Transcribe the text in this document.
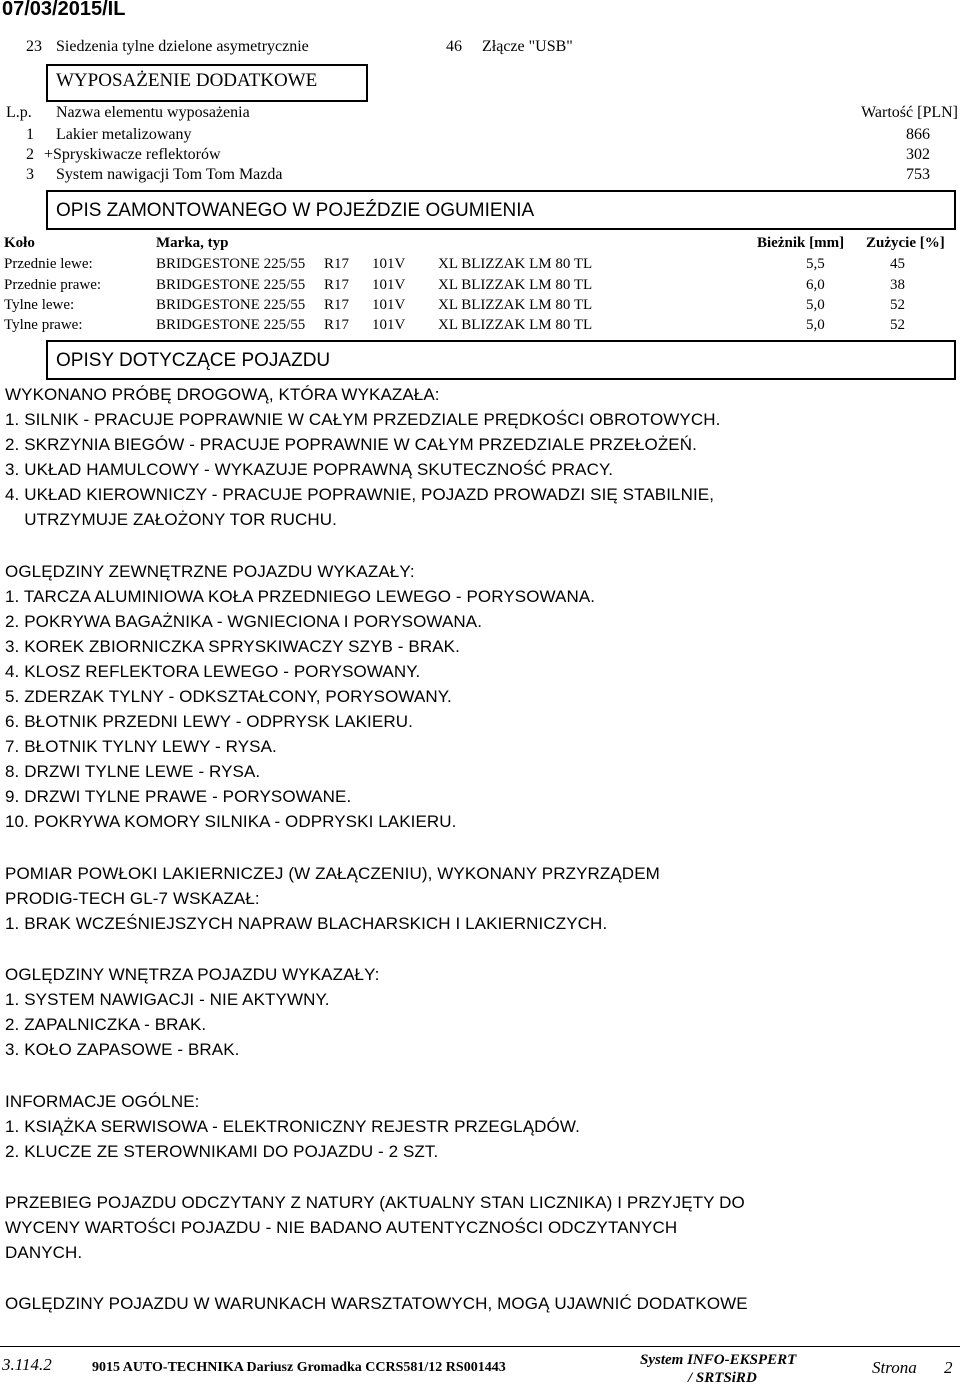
07/03/2015/IL
23 Siedzenia tylne dzielone asymetrycznie	46 Złącze "USB"
WYPOSAŻENIE DODATKOWE
L.p. Nazwa elementu wyposażenia	Wartość [PLN]
1 Lakier metalizowany	866
2 +Spryskiwacze reflektorów	302
3 System nawigacji Tom Tom Mazda	753
OPIS ZAMONTOWANEGO W POJEŹDZIE OGUMIENIA
Koło	Marka, typ	Bieżnik [mm] Zużycie [%]
Przednie lewe:	BRIDGESTONE 225/55 R17 101V XL BLIZZAK LM 80 TL	5,5	45
Przednie prawe:	BRIDGESTONE 225/55 R17 101V XL BLIZZAK LM 80 TL	6,0	38
Tylne lewe:	BRIDGESTONE 225/55 R17 101V XL BLIZZAK LM 80 TL	5,0	52
Tylne prawe:	BRIDGESTONE 225/55 R17 101V XL BLIZZAK LM 80 TL	5,0	52
OPISY DOTYCZĄCE POJAZDU
WYKONANO PRÓBĘ DROGOWĄ, KTÓRA WYKAZAŁA:
1. SILNIK - PRACUJE POPRAWNIE W CAŁYM PRZEDZIALE PRĘDKOŚCI OBROTOWYCH.
2. SKRZYNIA BIEGÓW - PRACUJE POPRAWNIE W CAŁYM PRZEDZIALE PRZEŁOŻEŃ.
3. UKŁAD HAMULCOWY - WYKAZUJE POPRAWNĄ SKUTECZNOŚĆ PRACY.
4. UKŁAD KIEROWNICZY - PRACUJE POPRAWNIE, POJAZD PROWADZI SIĘ STABILNIE,
UTRZYMUJE ZAŁOŻONY TOR RUCHU.
OGLĘDZINY ZEWNĘTRZNE POJAZDU WYKAZAŁY:
1. TARCZA ALUMINIOWA KOŁA PRZEDNIEGO LEWEGO - PORYSOWANA.
2. POKRYWA BAGAŻNIKA - WGNIECIONA I PORYSOWANA.
3. KOREK ZBIORNICZKA SPRYSKIWACZY SZYB - BRAK.
4. KLOSZ REFLEKTORA LEWEGO - PORYSOWANY.
5. ZDERZAK TYLNY - ODKSZTAŁCONY, PORYSOWANY.
6. BŁOTNIK PRZEDNI LEWY - ODPRYSK LAKIERU.
7. BŁOTNIK TYLNY LEWY - RYSA.
8. DRZWI TYLNE LEWE - RYSA.
9. DRZWI TYLNE PRAWE - PORYSOWANE.
10. POKRYWA KOMORY SILNIKA - ODPRYSKI LAKIERU.
POMIAR POWŁOKI LAKIERNICZEJ (W ZAŁĄCZENIU), WYKONANY PRZYRZĄDEM
PRODIG-TECH GL-7 WSKAZAŁ:
1. BRAK WCZEŚNIEJSZYCH NAPRAW BLACHARSKICH I LAKIERNICZYCH.
OGLĘDZINY WNĘTRZA POJAZDU WYKAZAŁY:
1. SYSTEM NAWIGACJI - NIE AKTYWNY.
2. ZAPALNICZKA - BRAK.
3. KOŁO ZAPASOWE - BRAK.
INFORMACJE OGÓLNE:
1. KSIĄŻKA SERWISOWA - ELEKTRONICZNY REJESTR PRZEGLĄDÓW.
2. KLUCZE ZE STEROWNIKAMI DO POJAZDU - 2 SZT.
PRZEBIEG POJAZDU ODCZYTANY Z NATURY (AKTUALNY STAN LICZNIKA) I PRZYJĘTY DO
WYCENY WARTOŚCI POJAZDU - NIE BADANO AUTENTYCZNOŚCI ODCZYTANYCH
DANYCH.
OGLĘDZINY POJAZDU W WARUNKACH WARSZTATOWYCH, MOGĄ UJAWNIĆ DODATKOWE
3.114.2	9015 AUTO-TECHNIKA Dariusz Gromadka CCRS581/12 RS001443	System INFO-EKSPERT
/ SRTSiRD
Strona 2
